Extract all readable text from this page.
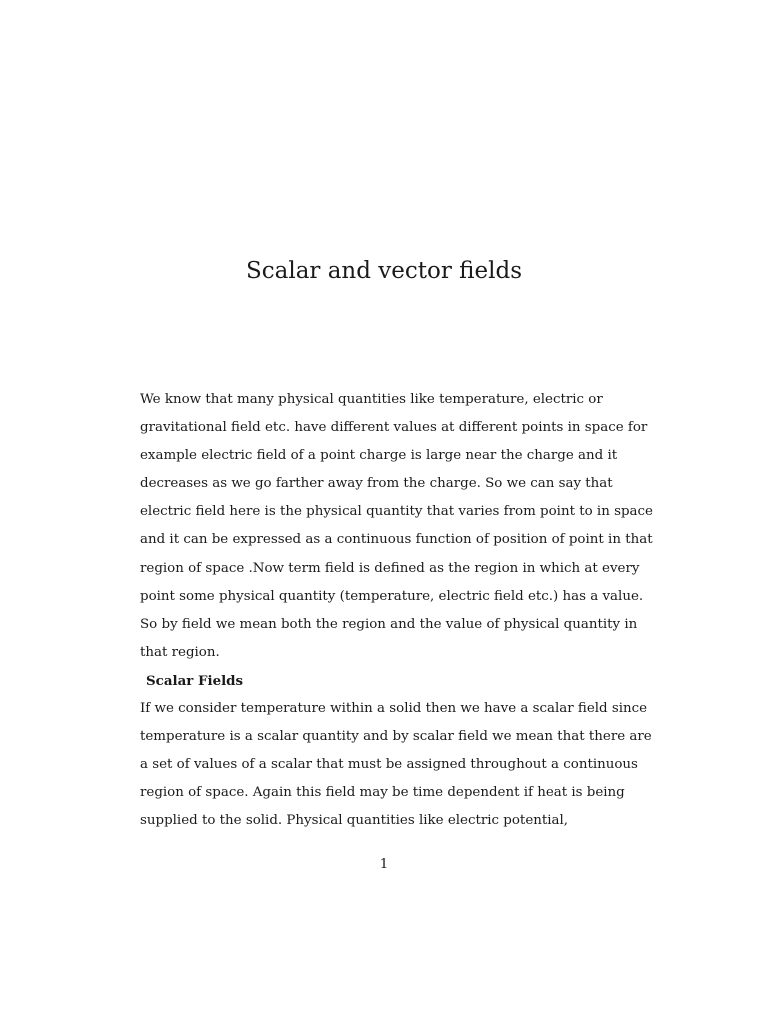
Scalar and vector fields
We know that many physical quantities like temperature, electric or
gravitational field etc. have different values at different points in space for
example electric field of a point charge is large near the charge and it
decreases as we go farther away from the charge. So we can say that
electric field here is the physical quantity that varies from point to in space
and it can be expressed as a continuous function of position of point in that
region of space .Now term field is defined as the region in which at every
point some physical quantity (temperature, electric field etc.) has a value.
So by field we mean both the region and the value of physical quantity in
that region.
Scalar Fields
If we consider temperature within a solid then we have a scalar field since
temperature is a scalar quantity and by scalar field we mean that there are
a set of values of a scalar that must be assigned throughout a continuous
region of space. Again this field may be time dependent if heat is being
supplied to the solid. Physical quantities like electric potential,
1
